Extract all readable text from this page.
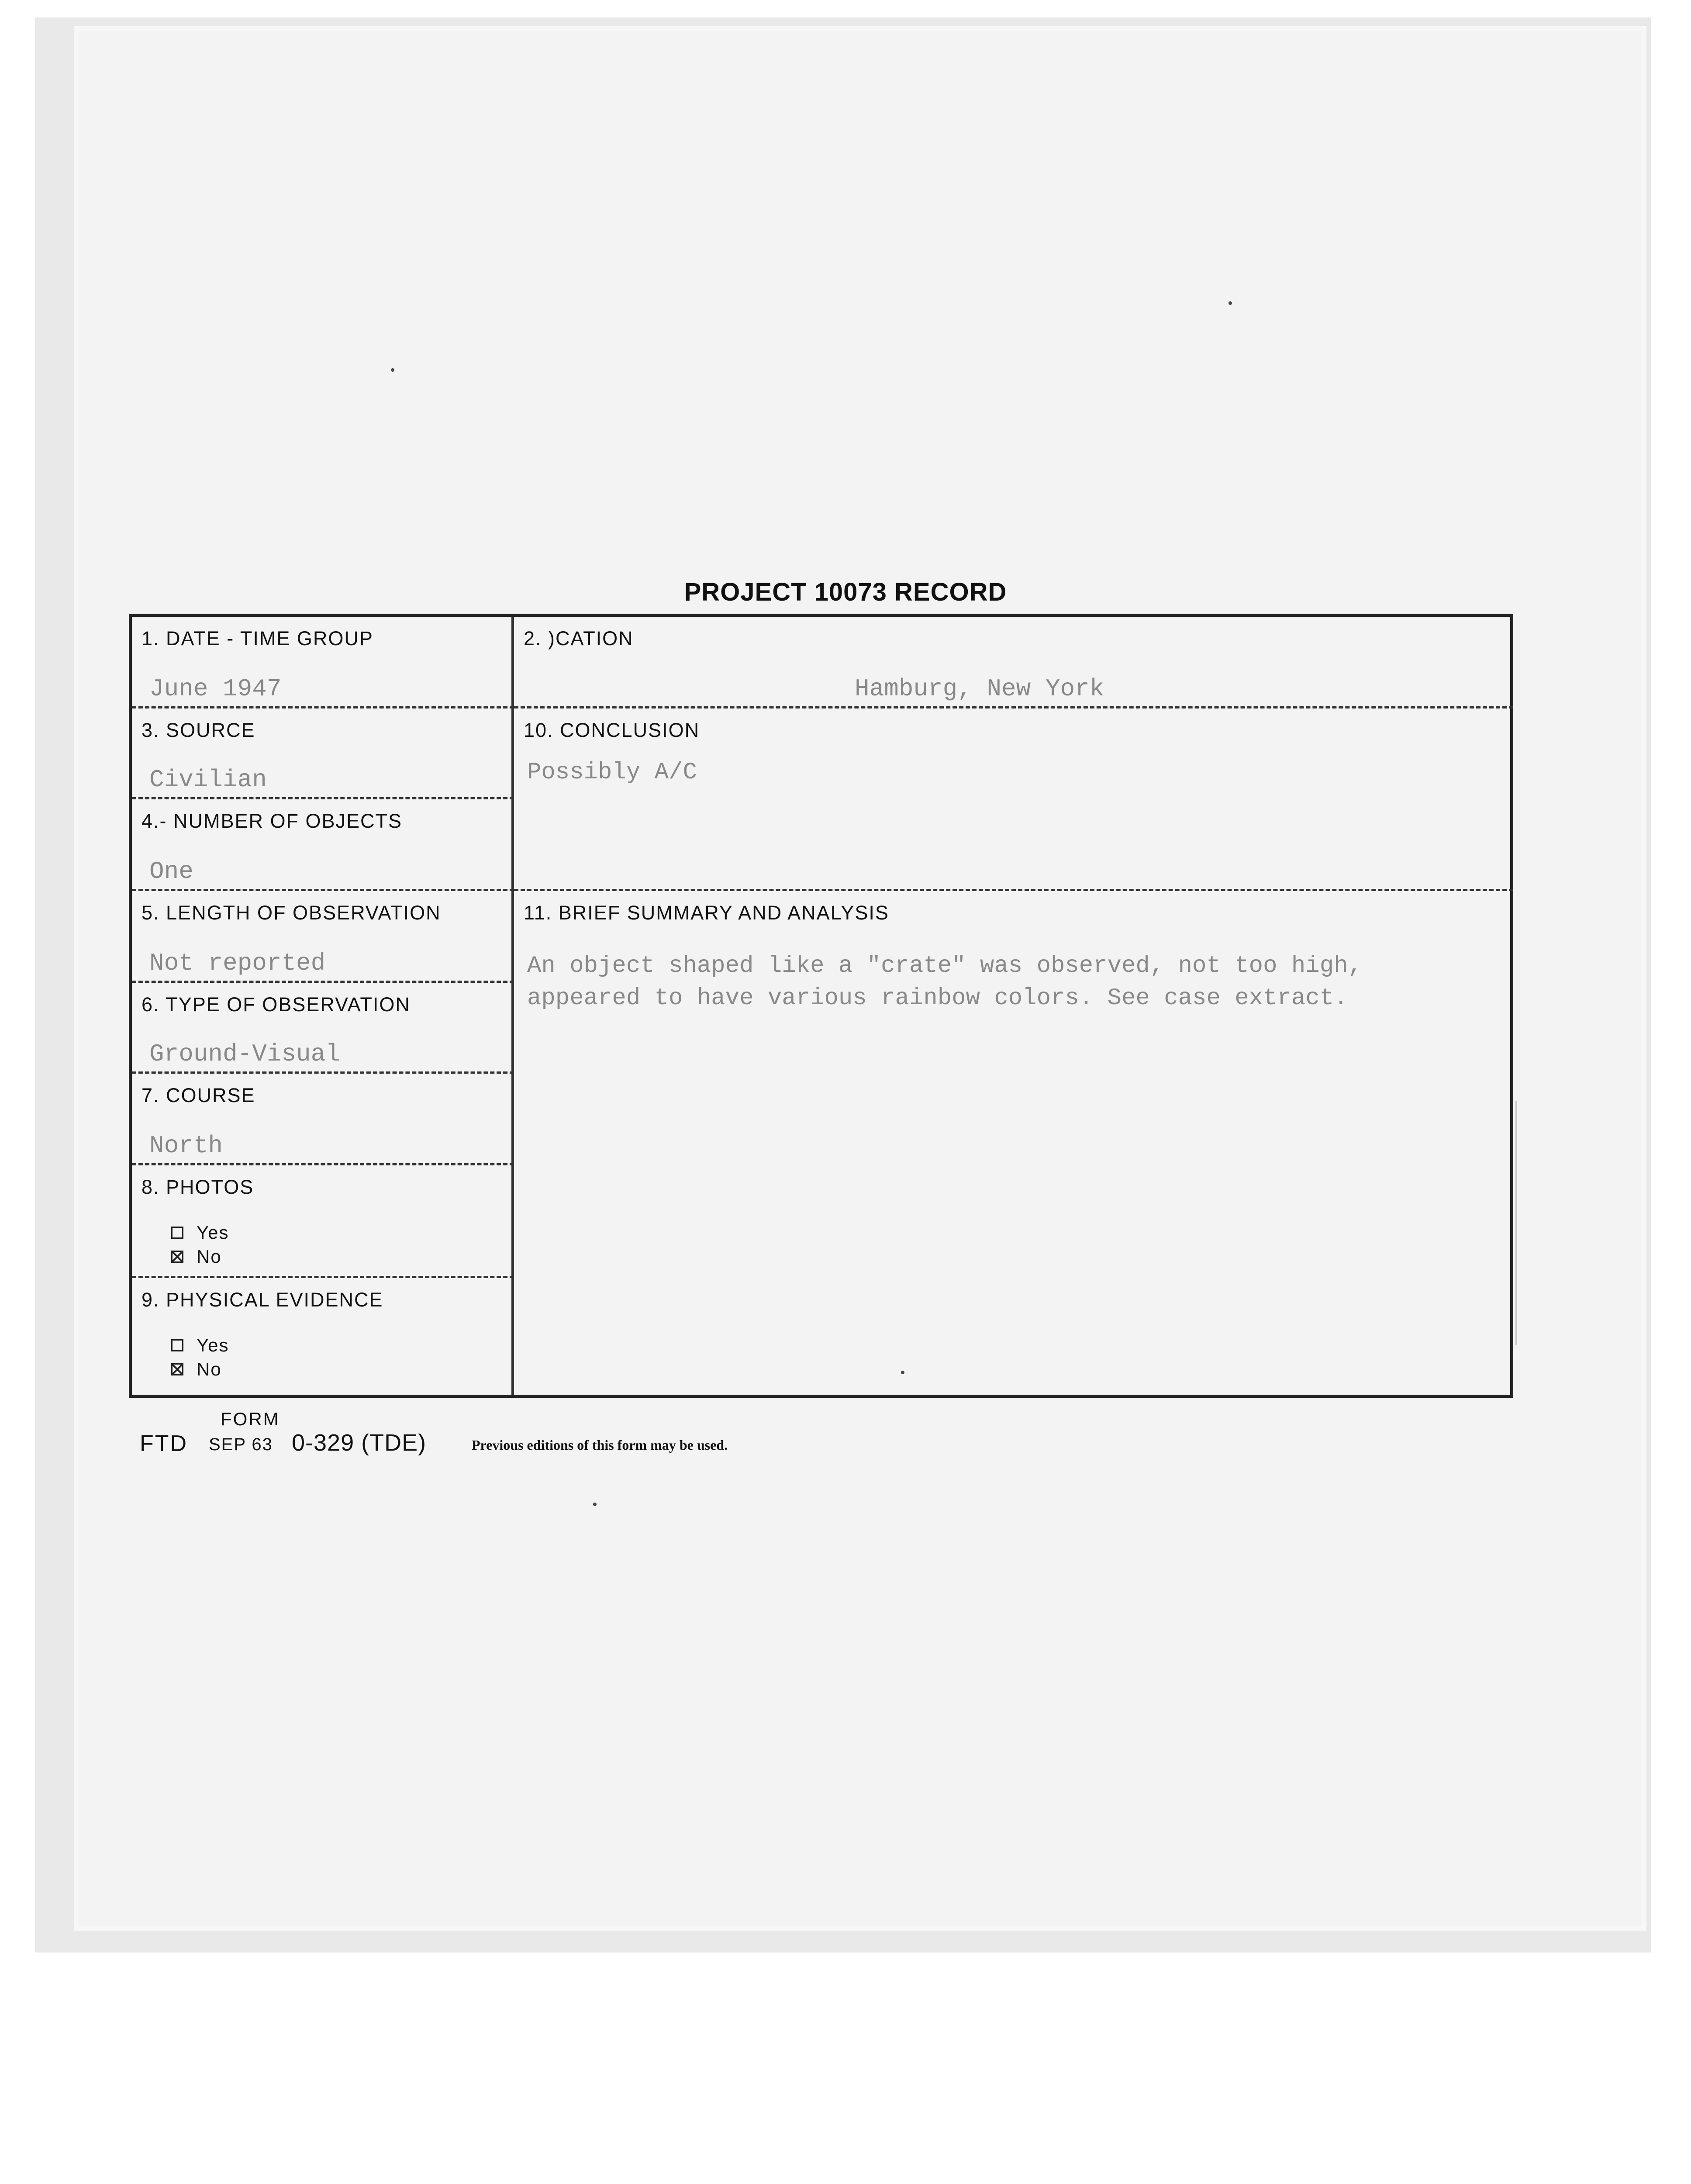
PROJECT 10073 RECORD
1. DATE - TIME GROUP
June 1947
2. )CATION
Hamburg, New York
3. SOURCE
Civilian
4.- NUMBER OF OBJECTS
One
5. LENGTH OF OBSERVATION
Not reported
6. TYPE OF OBSERVATION
Ground-Visual
7. COURSE
North
8. PHOTOS
Yes
No
9. PHYSICAL EVIDENCE
Yes
No
10. CONCLUSION
Possibly A/C
11. BRIEF SUMMARY AND ANALYSIS
An object shaped like a "crate" was observed, not too high,
appeared to have various rainbow colors. See case extract.
FORM
FTD SEP 63 0-329 (TDE)	Previous editions of this form may be used.
